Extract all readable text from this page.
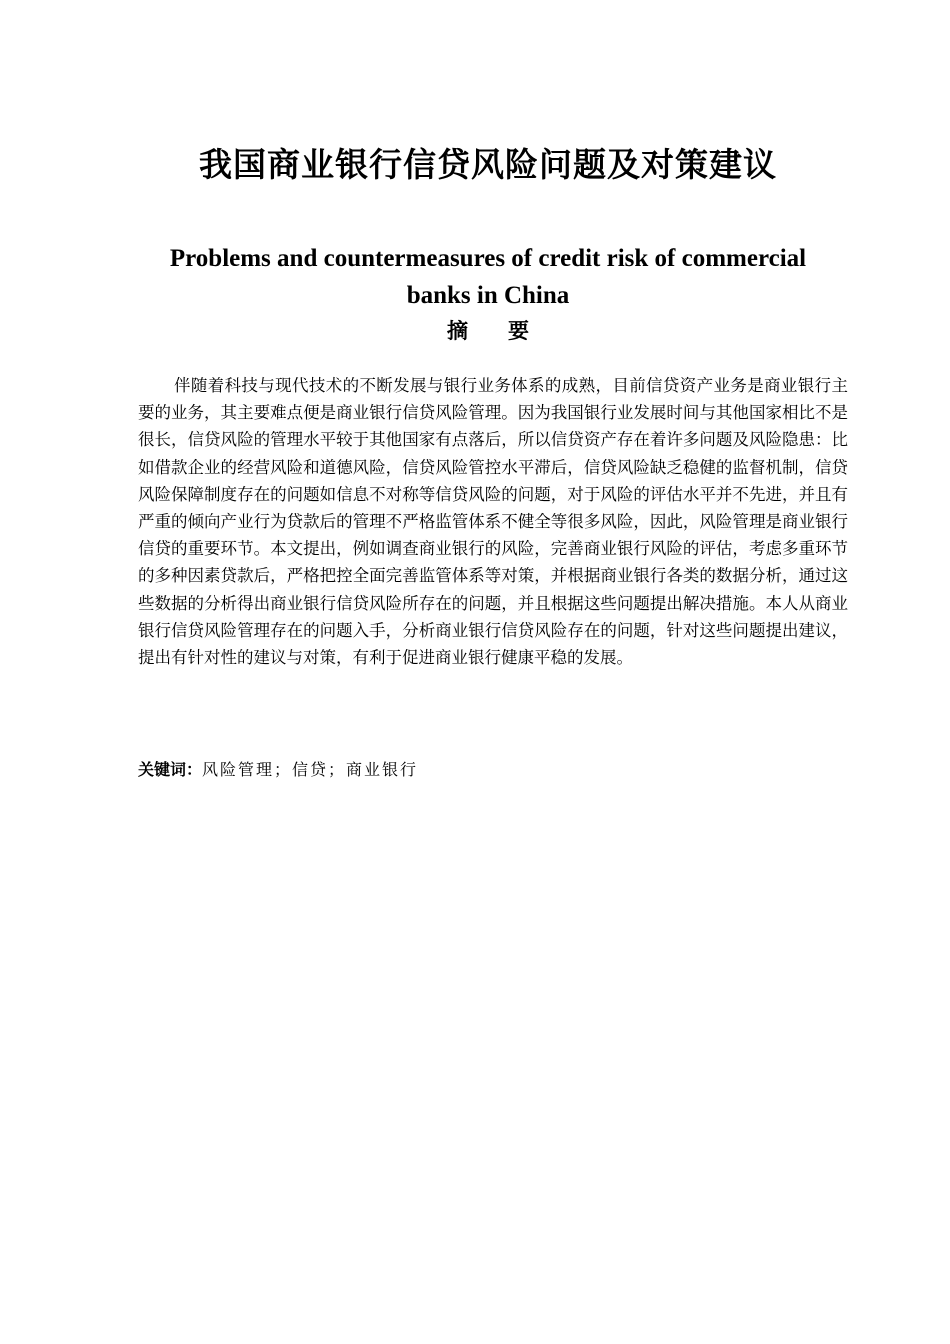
我国商业银行信贷风险问题及对策建议
Problems and countermeasures of credit risk of commercial banks in China
摘要

伴随着科技与现代技术的不断发展与银行业务体系的成熟，目前信贷资产业务是商业银行主要的业务，其主要难点便是商业银行信贷风险管理。因为我国银行业发展时间与其他国家相比不是很长，信贷风险的管理水平较于其他国家有点落后，所以信贷资产存在着许多问题及风险隐患：比如借款企业的经营风险和道德风险，信贷风险管控水平滞后，信贷风险缺乏稳健的监督机制，信贷风险保障制度存在的问题如信息不对称等信贷风险的问题，对于风险的评估水平并不先进，并且有严重的倾向产业行为贷款后的管理不严格监管体系不健全等很多风险，因此，风险管理是商业银行信贷的重要环节。本文提出，例如调查商业银行的风险，完善商业银行风险的评估，考虑多重环节的多种因素贷款后，严格把控全面完善监管体系等对策，并根据商业银行各类的数据分析，通过这些数据的分析得出商业银行信贷风险所存在的问题，并且根据这些问题提出解决措施。本人从商业银行信贷风险管理存在的问题入手，分析商业银行信贷风险存在的问题，针对这些问题提出建议，提出有针对性的建议与对策，有利于促进商业银行健康平稳的发展。

关键词：风险管理；信贷；商业银行
